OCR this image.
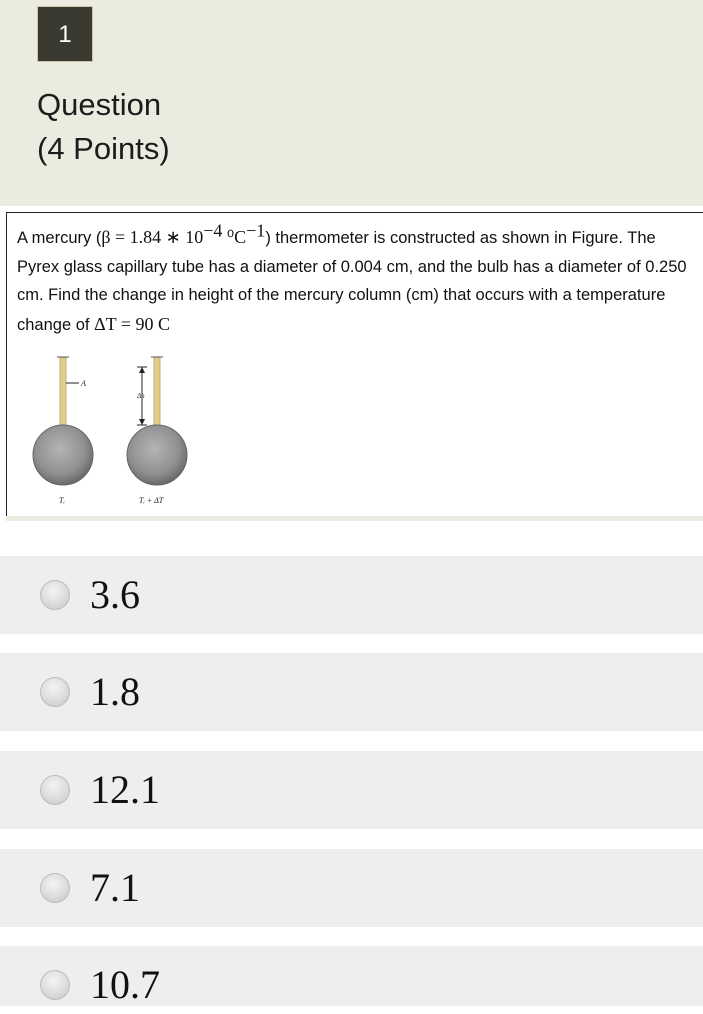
1
Question
(4 Points)
A mercury (β = 1.84 ∗ $10^{-4}$ $^0C^{-1}$) thermometer is constructed as shown in Figure. The Pyrex glass capillary tube has a diameter of 0.004 cm, and the bulb has a diameter of 0.250 cm. Find the change in height of the mercury column (cm) that occurs with a temperature change of ΔT = 90 C
A
Δh
Tᵢ	Tᵢ + ΔT
3.6
1.8
12.1
7.1
10.7
